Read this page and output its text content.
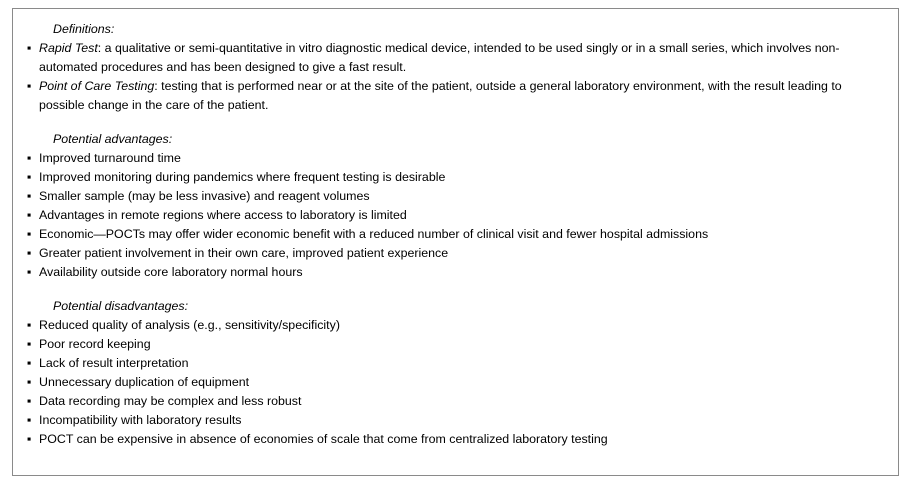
Definitions:

▪ Rapid Test: a qualitative or semi-quantitative in vitro diagnostic medical device, intended to be used singly or in a small series, which involves non-automated procedures and has been designed to give a fast result.
▪ Point of Care Testing: testing that is performed near or at the site of the patient, outside a general laboratory environment, with the result leading to possible change in the care of the patient.

Potential advantages:

▪ Improved turnaround time
▪ Improved monitoring during pandemics where frequent testing is desirable
▪ Smaller sample (may be less invasive) and reagent volumes
▪ Advantages in remote regions where access to laboratory is limited
▪ Economic—POCTs may offer wider economic benefit with a reduced number of clinical visit and fewer hospital admissions
▪ Greater patient involvement in their own care, improved patient experience
▪ Availability outside core laboratory normal hours

Potential disadvantages:

▪ Reduced quality of analysis (e.g., sensitivity/specificity)
▪ Poor record keeping
▪ Lack of result interpretation
▪ Unnecessary duplication of equipment
▪ Data recording may be complex and less robust
▪ Incompatibility with laboratory results
▪ POCT can be expensive in absence of economies of scale that come from centralized laboratory testing
